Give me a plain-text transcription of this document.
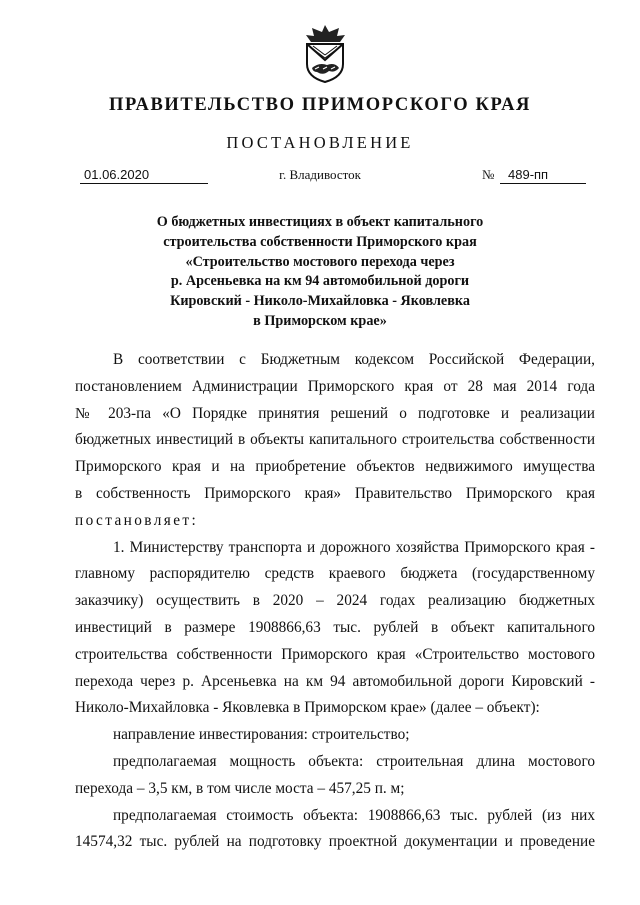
ПРАВИТЕЛЬСТВО ПРИМОРСКОГО КРАЯ
ПОСТАНОВЛЕНИЕ
01.06.2020	г. Владивосток	№ 489-пп
О бюджетных инвестициях в объект капитального
строительства собственности Приморского края
«Строительство мостового перехода через
р. Арсеньевка на км 94 автомобильной дороги
Кировский - Николо-Михайловка - Яковлевка
в Приморском крае»
В соответствии с Бюджетным кодексом Российской Федерации,
постановлением Администрации Приморского края от 28 мая 2014 года
№ 203-па «О Порядке принятия решений о подготовке и реализации
бюджетных инвестиций в объекты капитального строительства собственности
Приморского края и на приобретение объектов недвижимого имущества
в собственность Приморского края» Правительство Приморского края
постановляет:
1. Министерству транспорта и дорожного хозяйства Приморского края -
главному распорядителю средств краевого бюджета (государственному
заказчику) осуществить в 2020 – 2024 годах реализацию бюджетных
инвестиций в размере 1908866,63 тыс. рублей в объект капитального
строительства собственности Приморского края «Строительство мостового
перехода через р. Арсеньевка на км 94 автомобильной дороги Кировский -
Николо-Михайловка - Яковлевка в Приморском крае» (далее – объект):
направление инвестирования: строительство;
предполагаемая мощность объекта: строительная длина мостового
перехода – 3,5 км, в том числе моста – 457,25 п. м;
предполагаемая стоимость объекта: 1908866,63 тыс. рублей (из них
14574,32 тыс. рублей на подготовку проектной документации и проведение
